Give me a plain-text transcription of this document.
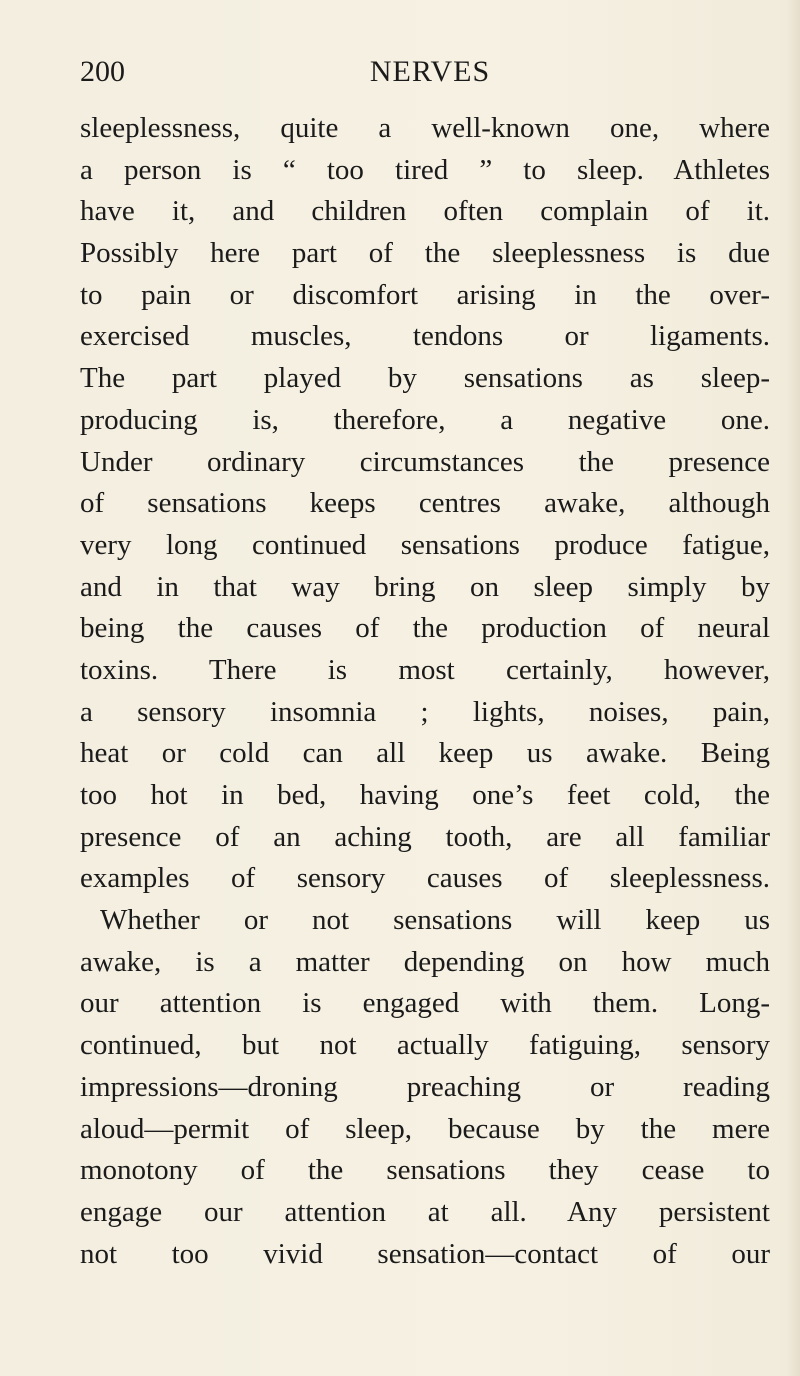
200	NERVES
sleeplessness, quite a well-known one, where
a person is “ too tired ” to sleep. Athletes
have it, and children often complain of it.
Possibly here part of the sleeplessness is due
to pain or discomfort arising in the over-
exercised muscles, tendons or ligaments.
The part played by sensations as sleep-
producing is, therefore, a negative one.
Under ordinary circumstances the presence
of sensations keeps centres awake, although
very long continued sensations produce fatigue,
and in that way bring on sleep simply by
being the causes of the production of neural
toxins. There is most certainly, however,
a sensory insomnia ; lights, noises, pain,
heat or cold can all keep us awake. Being
too hot in bed, having one’s feet cold, the
presence of an aching tooth, are all familiar
examples of sensory causes of sleeplessness.
Whether or not sensations will keep us
awake, is a matter depending on how much
our attention is engaged with them. Long-
continued, but not actually fatiguing, sensory
impressions—droning preaching or reading
aloud—permit of sleep, because by the mere
monotony of the sensations they cease to
engage our attention at all. Any persistent
not too vivid sensation—contact of our
